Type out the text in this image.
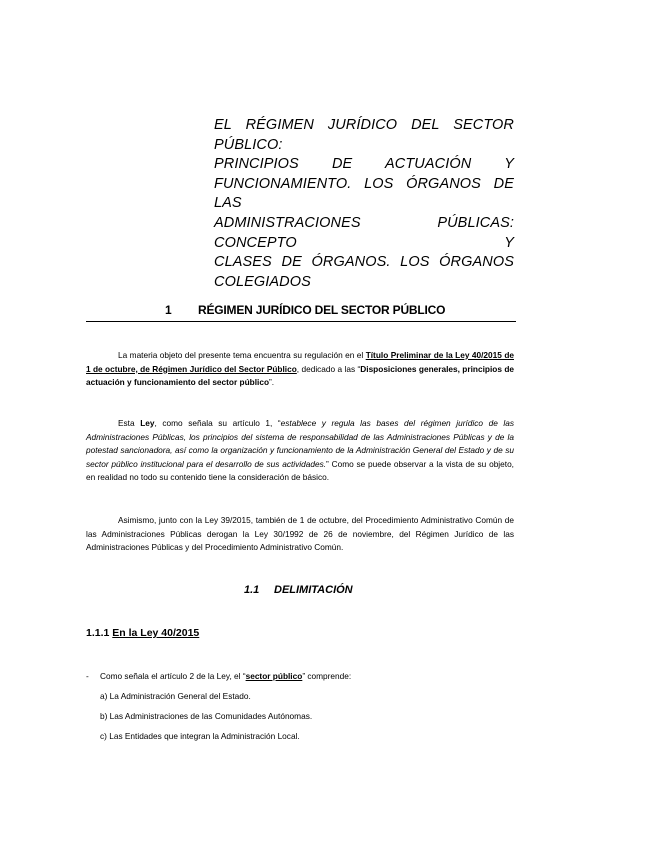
EL RÉGIMEN JURÍDICO DEL SECTOR PÚBLICO:
PRINCIPIOS DE ACTUACIÓN Y
FUNCIONAMIENTO. LOS ÓRGANOS DE LAS
ADMINISTRACIONES PÚBLICAS: CONCEPTO Y
CLASES DE ÓRGANOS. LOS ÓRGANOS
COLEGIADOS
1 RÉGIMEN JURÍDICO DEL SECTOR PÚBLICO
La materia objeto del presente tema encuentra su regulación en el Título Preliminar de la Ley 40/2015 de 1 de octubre, de Régimen Jurídico del Sector Público, dedicado a las “Disposiciones generales, principios de actuación y funcionamiento del sector público”.
Esta Ley, como señala su artículo 1, “establece y regula las bases del régimen jurídico de las Administraciones Públicas, los principios del sistema de responsabilidad de las Administraciones Públicas y de la potestad sancionadora, así como la organización y funcionamiento de la Administración General del Estado y de su sector público institucional para el desarrollo de sus actividades.” Como se puede observar a la vista de su objeto, en realidad no todo su contenido tiene la consideración de básico.
Asimismo, junto con la Ley 39/2015, también de 1 de octubre, del Procedimiento Administrativo Común de las Administraciones Públicas derogan la Ley 30/1992 de 26 de noviembre, del Régimen Jurídico de las Administraciones Públicas y del Procedimiento Administrativo Común.
1.1 DELIMITACIÓN
1.1.1 En la Ley 40/2015
- Como señala el artículo 2 de la Ley, el “sector público” comprende:
a) La Administración General del Estado.
b) Las Administraciones de las Comunidades Autónomas.
c) Las Entidades que integran la Administración Local.
